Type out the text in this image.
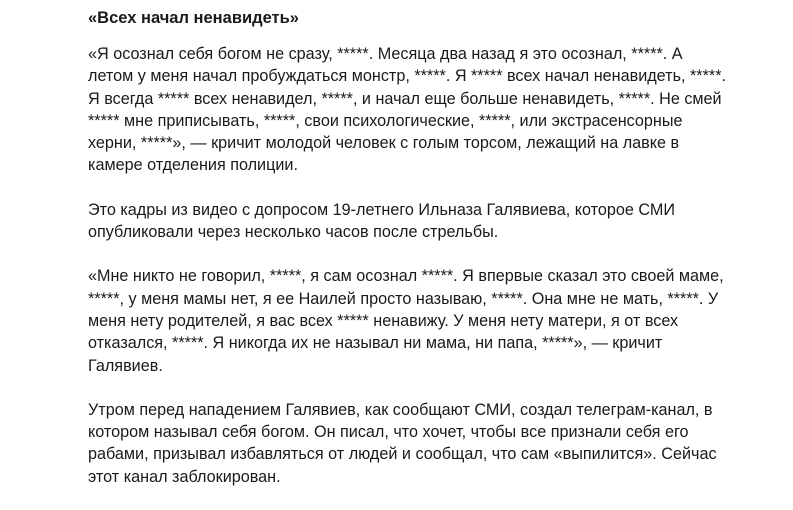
«Всех начал ненавидеть»

«Я осознал себя богом не сразу, *****. Месяца два назад я это осознал, *****. А
летом у меня начал пробуждаться монстр, *****. Я ***** всех начал ненавидеть, *****.
Я всегда ***** всех ненавидел, *****, и начал еще больше ненавидеть, *****. Не смей
***** мне приписывать, *****, свои психологические, *****, или экстрасенсорные
херни, *****», — кричит молодой человек с голым торсом, лежащий на лавке в
камере отделения полиции.

Это кадры из видео с допросом 19-летнего Ильназа Галявиева, которое СМИ
опубликовали через несколько часов после стрельбы.

«Мне никто не говорил, *****, я сам осознал *****. Я впервые сказал это своей маме,
*****, у меня мамы нет, я ее Наилей просто называю, *****. Она мне не мать, *****. У
меня нету родителей, я вас всех ***** ненавижу. У меня нету матери, я от всех
отказался, *****. Я никогда их не называл ни мама, ни папа, *****», — кричит
Галявиев.

Утром перед нападением Галявиев, как сообщают СМИ, создал телеграм-канал, в
котором называл себя богом. Он писал, что хочет, чтобы все признали себя его
рабами, призывал избавляться от людей и сообщал, что сам «выпилится». Сейчас
этот канал заблокирован.
